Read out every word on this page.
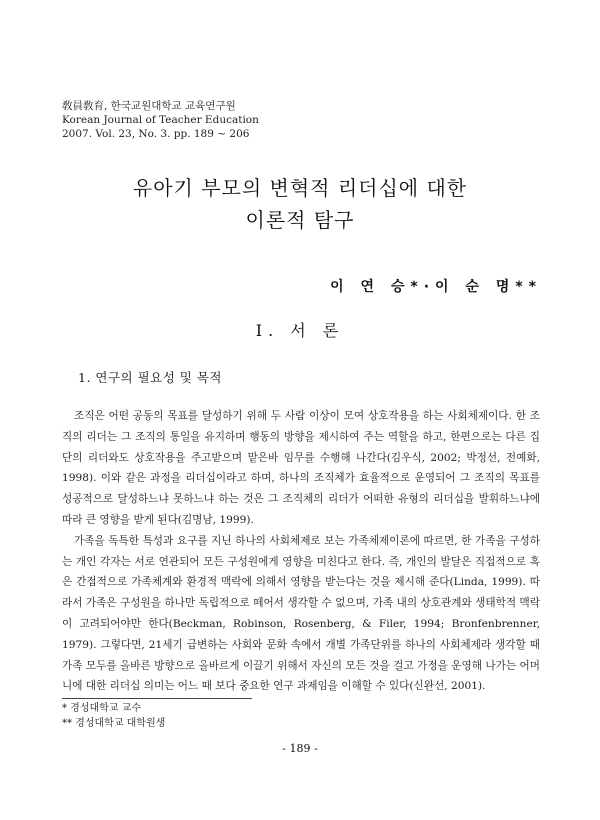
敎員敎育, 한국교원대학교 교육연구원
Korean Journal of Teacher Education
2007. Vol. 23, No. 3. pp. 189 ~ 206
유아기 부모의 변혁적 리더십에 대한
이론적 탐구
이 연 승*·이 순 명**
I. 서 론
1. 연구의 필요성 및 목적

조직은 어떤 공동의 목표를 달성하기 위해 두 사람 이상이 모여 상호작용을 하는 사회체제이다. 한 조직의 리더는 그 조직의 통일을 유지하며 행동의 방향을 제시하여 주는 역할을 하고, 한편으로는 다른 집단의 리더와도 상호작용을 주고받으며 맡은바 임무를 수행해 나간다(김우식, 2002; 박정선, 전예화, 1998). 이와 같은 과정을 리더십이라고 하며, 하나의 조직체가 효율적으로 운영되어 그 조직의 목표를 성공적으로 달성하느냐 못하느냐 하는 것은 그 조직체의 리더가 어떠한 유형의 리더십을 발휘하느냐에 따라 큰 영향을 받게 된다(김명남, 1999).

가족을 독특한 특성과 요구를 지닌 하나의 사회체제로 보는 가족체제이론에 따르면, 한 가족을 구성하는 개인 각자는 서로 연관되어 모든 구성원에게 영향을 미친다고 한다. 즉, 개인의 발달은 직접적으로 혹은 간접적으로 가족체계와 환경적 맥락에 의해서 영향을 받는다는 것을 제시해 준다(Linda, 1999). 따라서 가족은 구성원을 하나만 독립적으로 떼어서 생각할 수 없으며, 가족 내의 상호관계와 생태학적 맥락이 고려되어야만 한다(Beckman, Robinson, Rosenberg, & Filer, 1994; Bronfenbrenner, 1979). 그렇다면, 21세기 급변하는 사회와 문화 속에서 개별 가족단위를 하나의 사회체제라 생각할 때 가족 모두를 올바른 방향으로 올바르게 이끌기 위해서 자신의 모든 것을 걸고 가정을 운영해 나가는 어머니에 대한 리더십 의미는 어느 때 보다 중요한 연구 과제임을 이해할 수 있다(신완선, 2001).

* 경성대학교 교수
** 경성대학교 대학원생
- 189 -
